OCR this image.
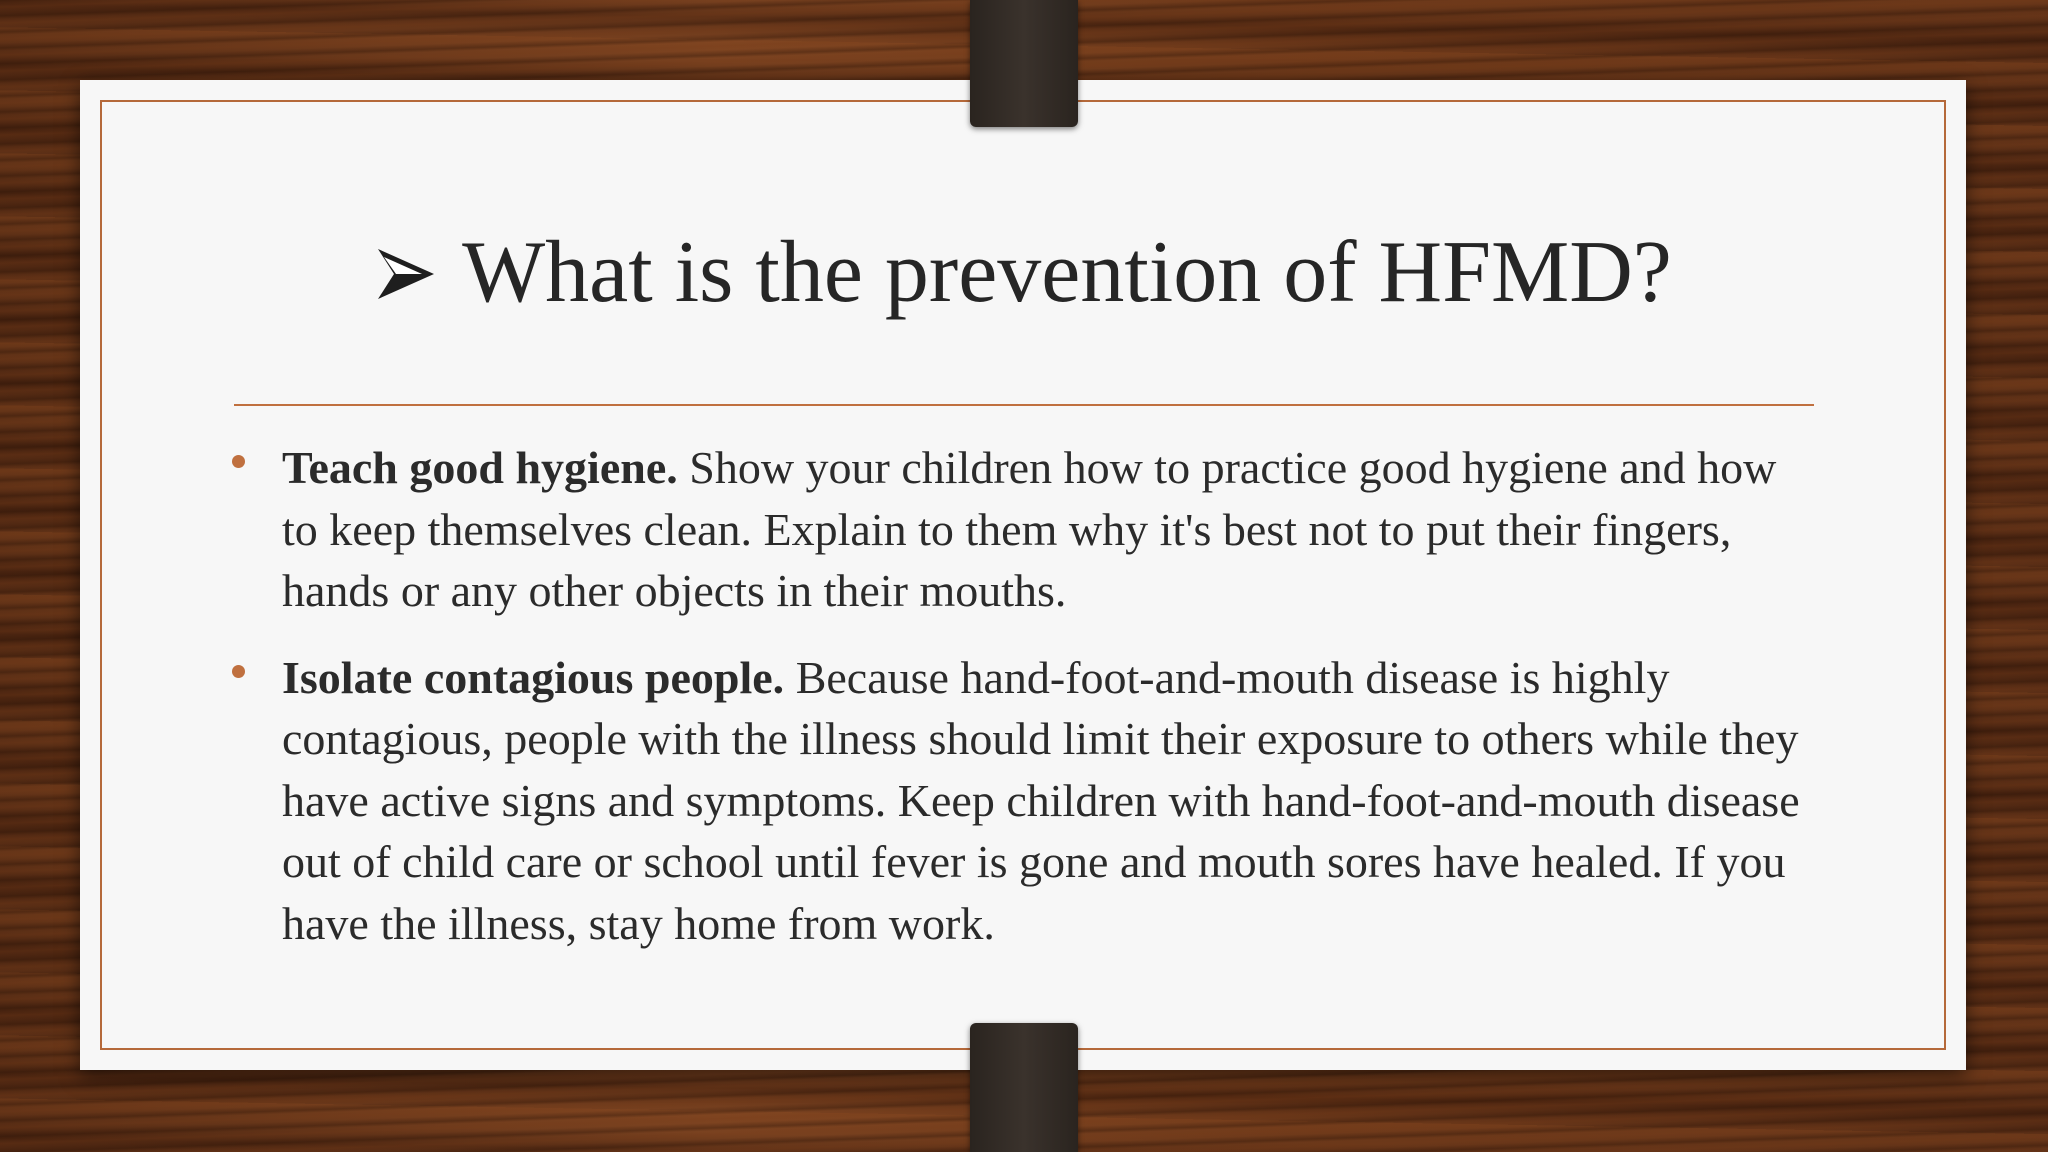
What is the prevention of HFMD?
Teach good hygiene. Show your children how to practice good hygiene and how to keep themselves clean. Explain to them why it's best not to put their fingers, hands or any other objects in their mouths.
Isolate contagious people. Because hand-foot-and-mouth disease is highly contagious, people with the illness should limit their exposure to others while they have active signs and symptoms. Keep children with hand-foot-and-mouth disease out of child care or school until fever is gone and mouth sores have healed. If you have the illness, stay home from work.
